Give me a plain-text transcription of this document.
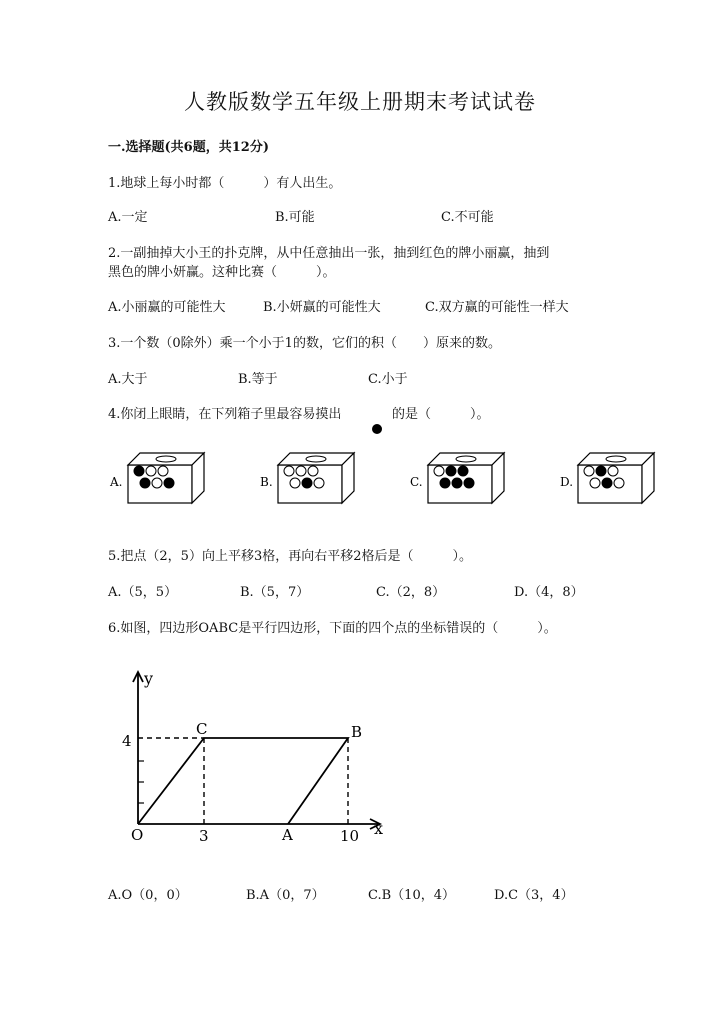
人教版数学五年级上册期末考试试卷
一.选择题(共6题，共12分)
1.地球上每小时都（　　　）有人出生。
A.一定	B.可能	C.不可能
2.一副抽掉大小王的扑克牌，从中任意抽出一张，抽到红色的牌小丽赢，抽到
黑色的牌小妍赢。这种比赛（　　　）。
A.小丽赢的可能性大	B.小妍赢的可能性大	C.双方赢的可能性一样大
3.一个数（0除外）乘一个小于1的数，它们的积（　　）原来的数。
A.大于	B.等于	C.小于
4.你闭上眼睛，在下列箱子里最容易摸出	的是（　　　）。
A.	B.	C.	D.
5.把点（2，5）向上平移3格，再向右平移2格后是（　　　）。
A.（5，5）	B.（5，7）	C.（2，8）	D.（4，8）
6.如图，四边形OABC是平行四边形，下面的四个点的坐标错误的（　　　）。
y
x
O
4
3	A	10
C	B
A.O（0，0）	B.A（0，7）	C.B（10，4）	D.C（3，4）
